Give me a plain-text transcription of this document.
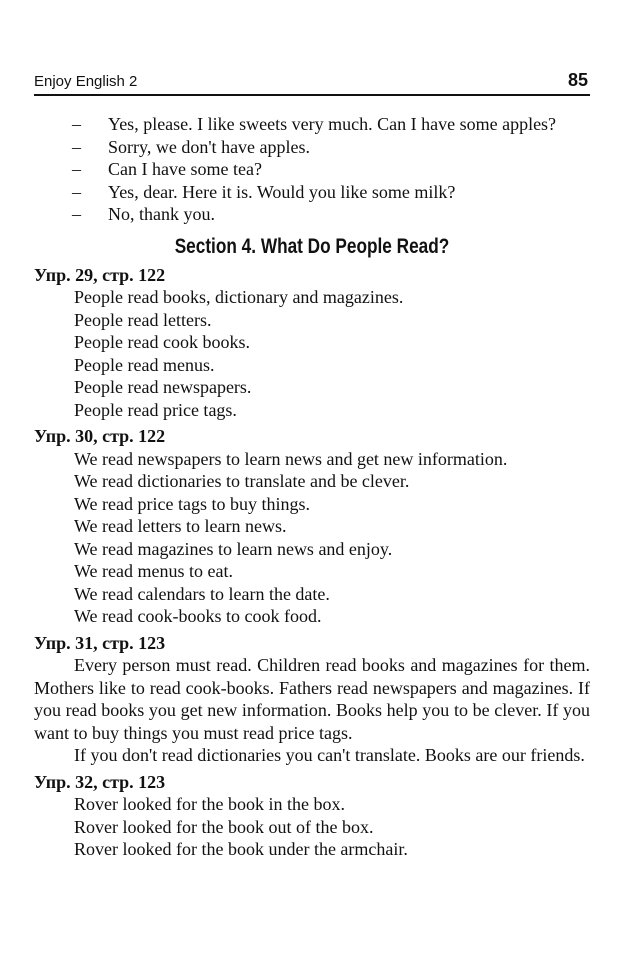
Enjoy English 2	85
– Yes, please. I like sweets very much. Can I have some apples?
– Sorry, we don't have apples.
– Can I have some tea?
– Yes, dear. Here it is. Would you like some milk?
– No, thank you.
Section 4. What Do People Read?
Упр. 29, стр. 122
People read books, dictionary and magazines.
People read letters.
People read cook books.
People read menus.
People read newspapers.
People read price tags.
Упр. 30, стр. 122
We read newspapers to learn news and get new information.
We read dictionaries to translate and be clever.
We read price tags to buy things.
We read letters to learn news.
We read magazines to learn news and enjoy.
We read menus to eat.
We read calendars to learn the date.
We read cook-books to cook food.
Упр. 31, стр. 123
Every person must read. Children read books and magazines for them. Mothers like to read cook-books. Fathers read newspapers and magazines. If you read books you get new information. Books help you to be clever. If you want to buy things you must read price tags.
If you don't read dictionaries you can't translate. Books are our friends.
Упр. 32, стр. 123
Rover looked for the book in the box.
Rover looked for the book out of the box.
Rover looked for the book under the armchair.
